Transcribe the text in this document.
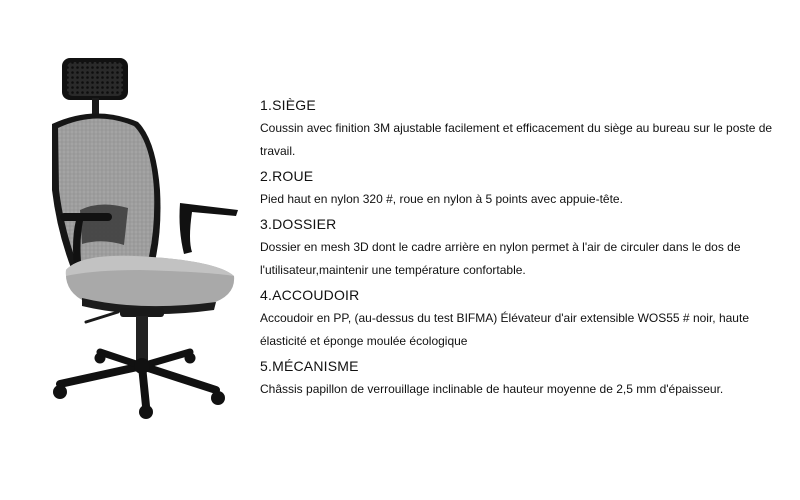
1.SIÈGE

Coussin avec finition 3M ajustable facilement et efficacement du siège au bureau sur le poste de travail.

2.ROUE

Pied haut en nylon 320 #, roue en nylon à 5 points avec appuie-tête.

3.DOSSIER

Dossier en mesh 3D dont le cadre arrière en nylon permet à l'air de circuler dans le dos de l'utilisateur,maintenir une température confortable.

4.ACCOUDOIR

Accoudoir en PP, (au-dessus du test BIFMA) Élévateur d'air extensible WOS55 # noir, haute élasticité et éponge moulée écologique

5.MÉCANISME

Châssis papillon de verrouillage inclinable de hauteur moyenne de 2,5 mm d'épaisseur.
